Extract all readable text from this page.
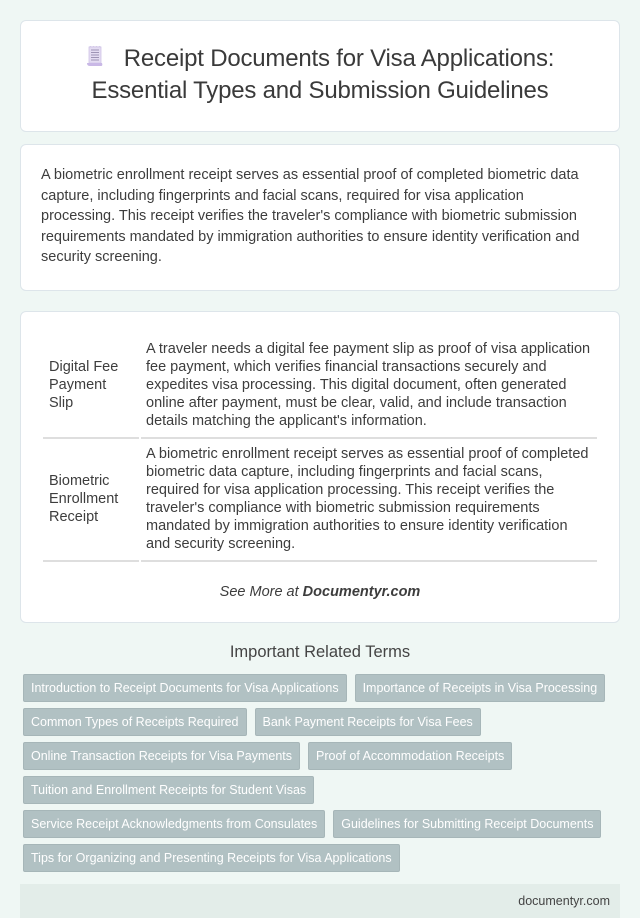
Receipt Documents for Visa Applications: Essential Types and Submission Guidelines

A biometric enrollment receipt serves as essential proof of completed biometric data capture, including fingerprints and facial scans, required for visa application processing. This receipt verifies the traveler's compliance with biometric submission requirements mandated by immigration authorities to ensure identity verification and security screening.

Digital Fee Payment Slip	A traveler needs a digital fee payment slip as proof of visa application fee payment, which verifies financial transactions securely and expedites visa processing. This digital document, often generated online after payment, must be clear, valid, and include transaction details matching the applicant's information.
Biometric Enrollment Receipt	A biometric enrollment receipt serves as essential proof of completed biometric data capture, including fingerprints and facial scans, required for visa application processing. This receipt verifies the traveler's compliance with biometric submission requirements mandated by immigration authorities to ensure identity verification and security screening.
See More at Documentyr.com
Important Related Terms
Introduction to Receipt Documents for Visa Applications	Importance of Receipts in Visa Processing
Common Types of Receipts Required	Bank Payment Receipts for Visa Fees
Online Transaction Receipts for Visa Payments	Proof of Accommodation Receipts
Tuition and Enrollment Receipts for Student Visas
Service Receipt Acknowledgments from Consulates	Guidelines for Submitting Receipt Documents
Tips for Organizing and Presenting Receipts for Visa Applications
documentyr.com
